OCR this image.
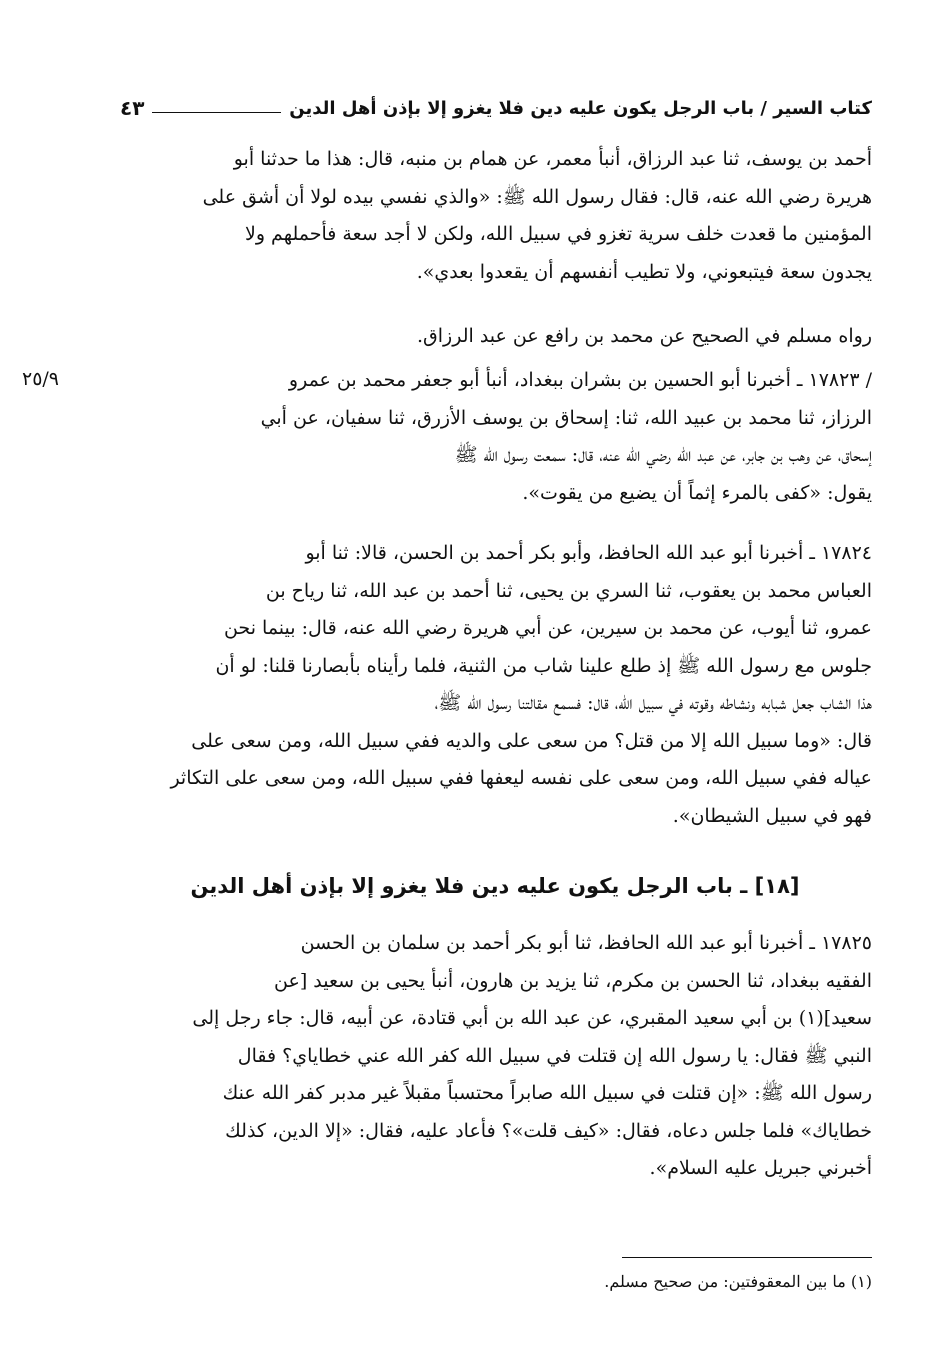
كتاب السير / باب الرجل يكون عليه دين فلا يغزو إلا بإذن أهل الدين
٤٣
أحمد بن يوسف، ثنا عبد الرزاق، أنبأ معمر، عن همام بن منبه، قال: هذا ما حدثنا أبو
هريرة رضي الله عنه، قال: فقال رسول الله ﷺ: «والذي نفسي بيده لولا أن أشق على
المؤمنين ما قعدت خلف سرية تغزو في سبيل الله، ولكن لا أجد سعة فأحملهم ولا
يجدون سعة فيتبعوني، ولا تطيب أنفسهم أن يقعدوا بعدي».
رواه مسلم في الصحيح عن محمد بن رافع عن عبد الرزاق.
٢٥/٩	/ ١٧٨٢٣ ـ أخبرنا أبو الحسين بن بشران ببغداد، أنبأ أبو جعفر محمد بن عمرو
الرزاز، ثنا محمد بن عبيد الله، ثنا: إسحاق بن يوسف الأزرق، ثنا سفيان، عن أبي
إسحاق، عن وهب بن جابر، عن عبد الله رضي الله عنه، قال: سمعت رسول الله ﷺ
يقول: «كفى بالمرء إثماً أن يضيع من يقوت».
١٧٨٢٤ ـ أخبرنا أبو عبد الله الحافظ، وأبو بكر أحمد بن الحسن، قالا: ثنا أبو
العباس محمد بن يعقوب، ثنا السري بن يحيى، ثنا أحمد بن عبد الله، ثنا رياح بن
عمرو، ثنا أيوب، عن محمد بن سيرين، عن أبي هريرة رضي الله عنه، قال: بينما نحن
جلوس مع رسول الله ﷺ إذ طلع علينا شاب من الثنية، فلما رأيناه بأبصارنا قلنا: لو أن
هذا الشاب جعل شبابه ونشاطه وقوته في سبيل الله، قال: فسمع مقالتنا رسول الله ﷺ،
قال: «وما سبيل الله إلا من قتل؟ من سعى على والديه ففي سبيل الله، ومن سعى على
عياله ففي سبيل الله، ومن سعى على نفسه ليعفها ففي سبيل الله، ومن سعى على التكاثر
فهو في سبيل الشيطان».
[١٨] ـ باب الرجل يكون عليه دين فلا يغزو إلا بإذن أهل الدين
١٧٨٢٥ ـ أخبرنا أبو عبد الله الحافظ، ثنا أبو بكر أحمد بن سلمان بن الحسن
الفقيه ببغداد، ثنا الحسن بن مكرم، ثنا يزيد بن هارون، أنبأ يحيى بن سعيد [عن
سعيد](١) بن أبي سعيد المقبري، عن عبد الله بن أبي قتادة، عن أبيه، قال: جاء رجل إلى
النبي ﷺ فقال: يا رسول الله إن قتلت في سبيل الله كفر الله عني خطاياي؟ فقال
رسول الله ﷺ: «إن قتلت في سبيل الله صابراً محتسباً مقبلاً غير مدبر كفر الله عنك
خطاياك» فلما جلس دعاه، فقال: «كيف قلت»؟ فأعاد عليه، فقال: «إلا الدين، كذلك
أخبرني جبريل عليه السلام».
(١) ما بين المعقوفتين: من صحيح مسلم.
